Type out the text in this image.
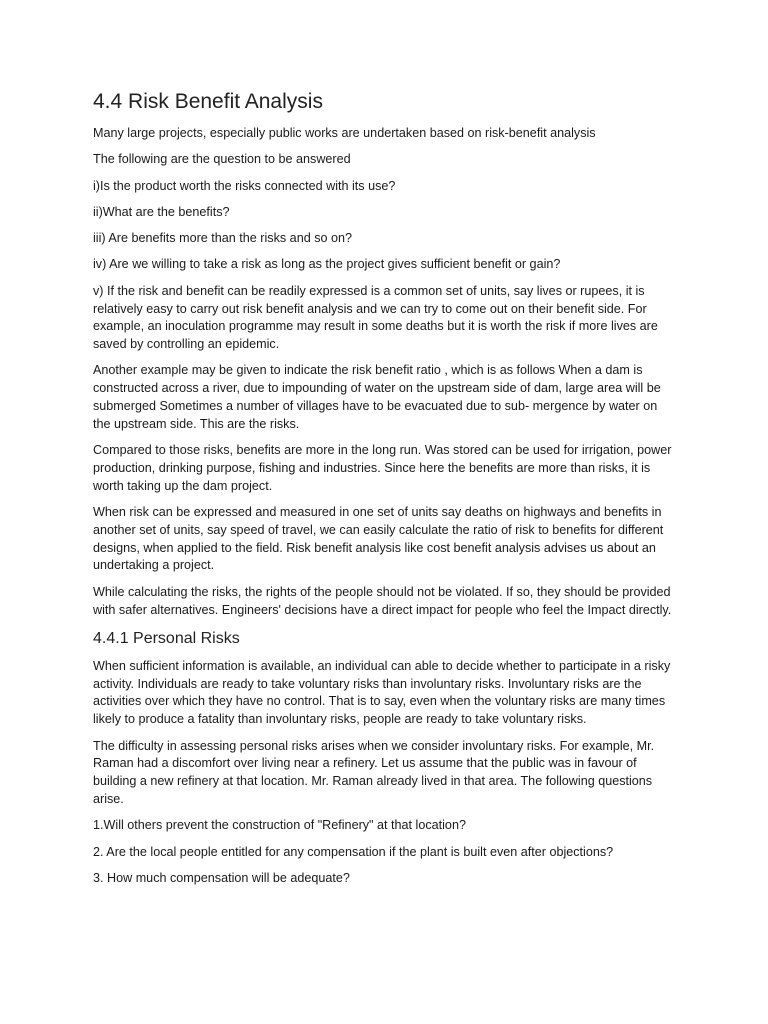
4.4 Risk Benefit Analysis

Many large projects, especially public works are undertaken based on risk-benefit analysis

The following are the question to be answered

i)Is the product worth the risks connected with its use?

ii)What are the benefits?

iii) Are benefits more than the risks and so on?

iv) Are we willing to take a risk as long as the project gives sufficient benefit or gain?

v) If the risk and benefit can be readily expressed is a common set of units, say lives or rupees, it is relatively easy to carry out risk benefit analysis and we can try to come out on their benefit side. For example, an inoculation programme may result in some deaths but it is worth the risk if more lives are saved by controlling an epidemic.

Another example may be given to indicate the risk benefit ratio , which is as follows When a dam is constructed across a river, due to impounding of water on the upstream side of dam, large area will be submerged Sometimes a number of villages have to be evacuated due to sub- mergence by water on the upstream side. This are the risks.

Compared to those risks, benefits are more in the long run. Was stored can be used for irrigation, power production, drinking purpose, fishing and industries. Since here the benefits are more than risks, it is worth taking up the dam project.

When risk can be expressed and measured in one set of units say deaths on highways and benefits in another set of units, say speed of travel, we can easily calculate the ratio of risk to benefits for different designs, when applied to the field. Risk benefit analysis like cost benefit analysis advises us about an undertaking a project.

While calculating the risks, the rights of the people should not be violated. If so, they should be provided with safer alternatives. Engineers' decisions have a direct impact for people who feel the Impact directly.

4.4.1 Personal Risks

When sufficient information is available, an individual can able to decide whether to participate in a risky activity. Individuals are ready to take voluntary risks than involuntary risks. Involuntary risks are the activities over which they have no control. That is to say, even when the voluntary risks are many times likely to produce a fatality than involuntary risks, people are ready to take voluntary risks.

The difficulty in assessing personal risks arises when we consider involuntary risks. For example, Mr. Raman had a discomfort over living near a refinery. Let us assume that the public was in favour of building a new refinery at that location. Mr. Raman already lived in that area. The following questions arise.

1.Will others prevent the construction of "Refinery" at that location?

2. Are the local people entitled for any compensation if the plant is built even after objections?

3. How much compensation will be adequate?
